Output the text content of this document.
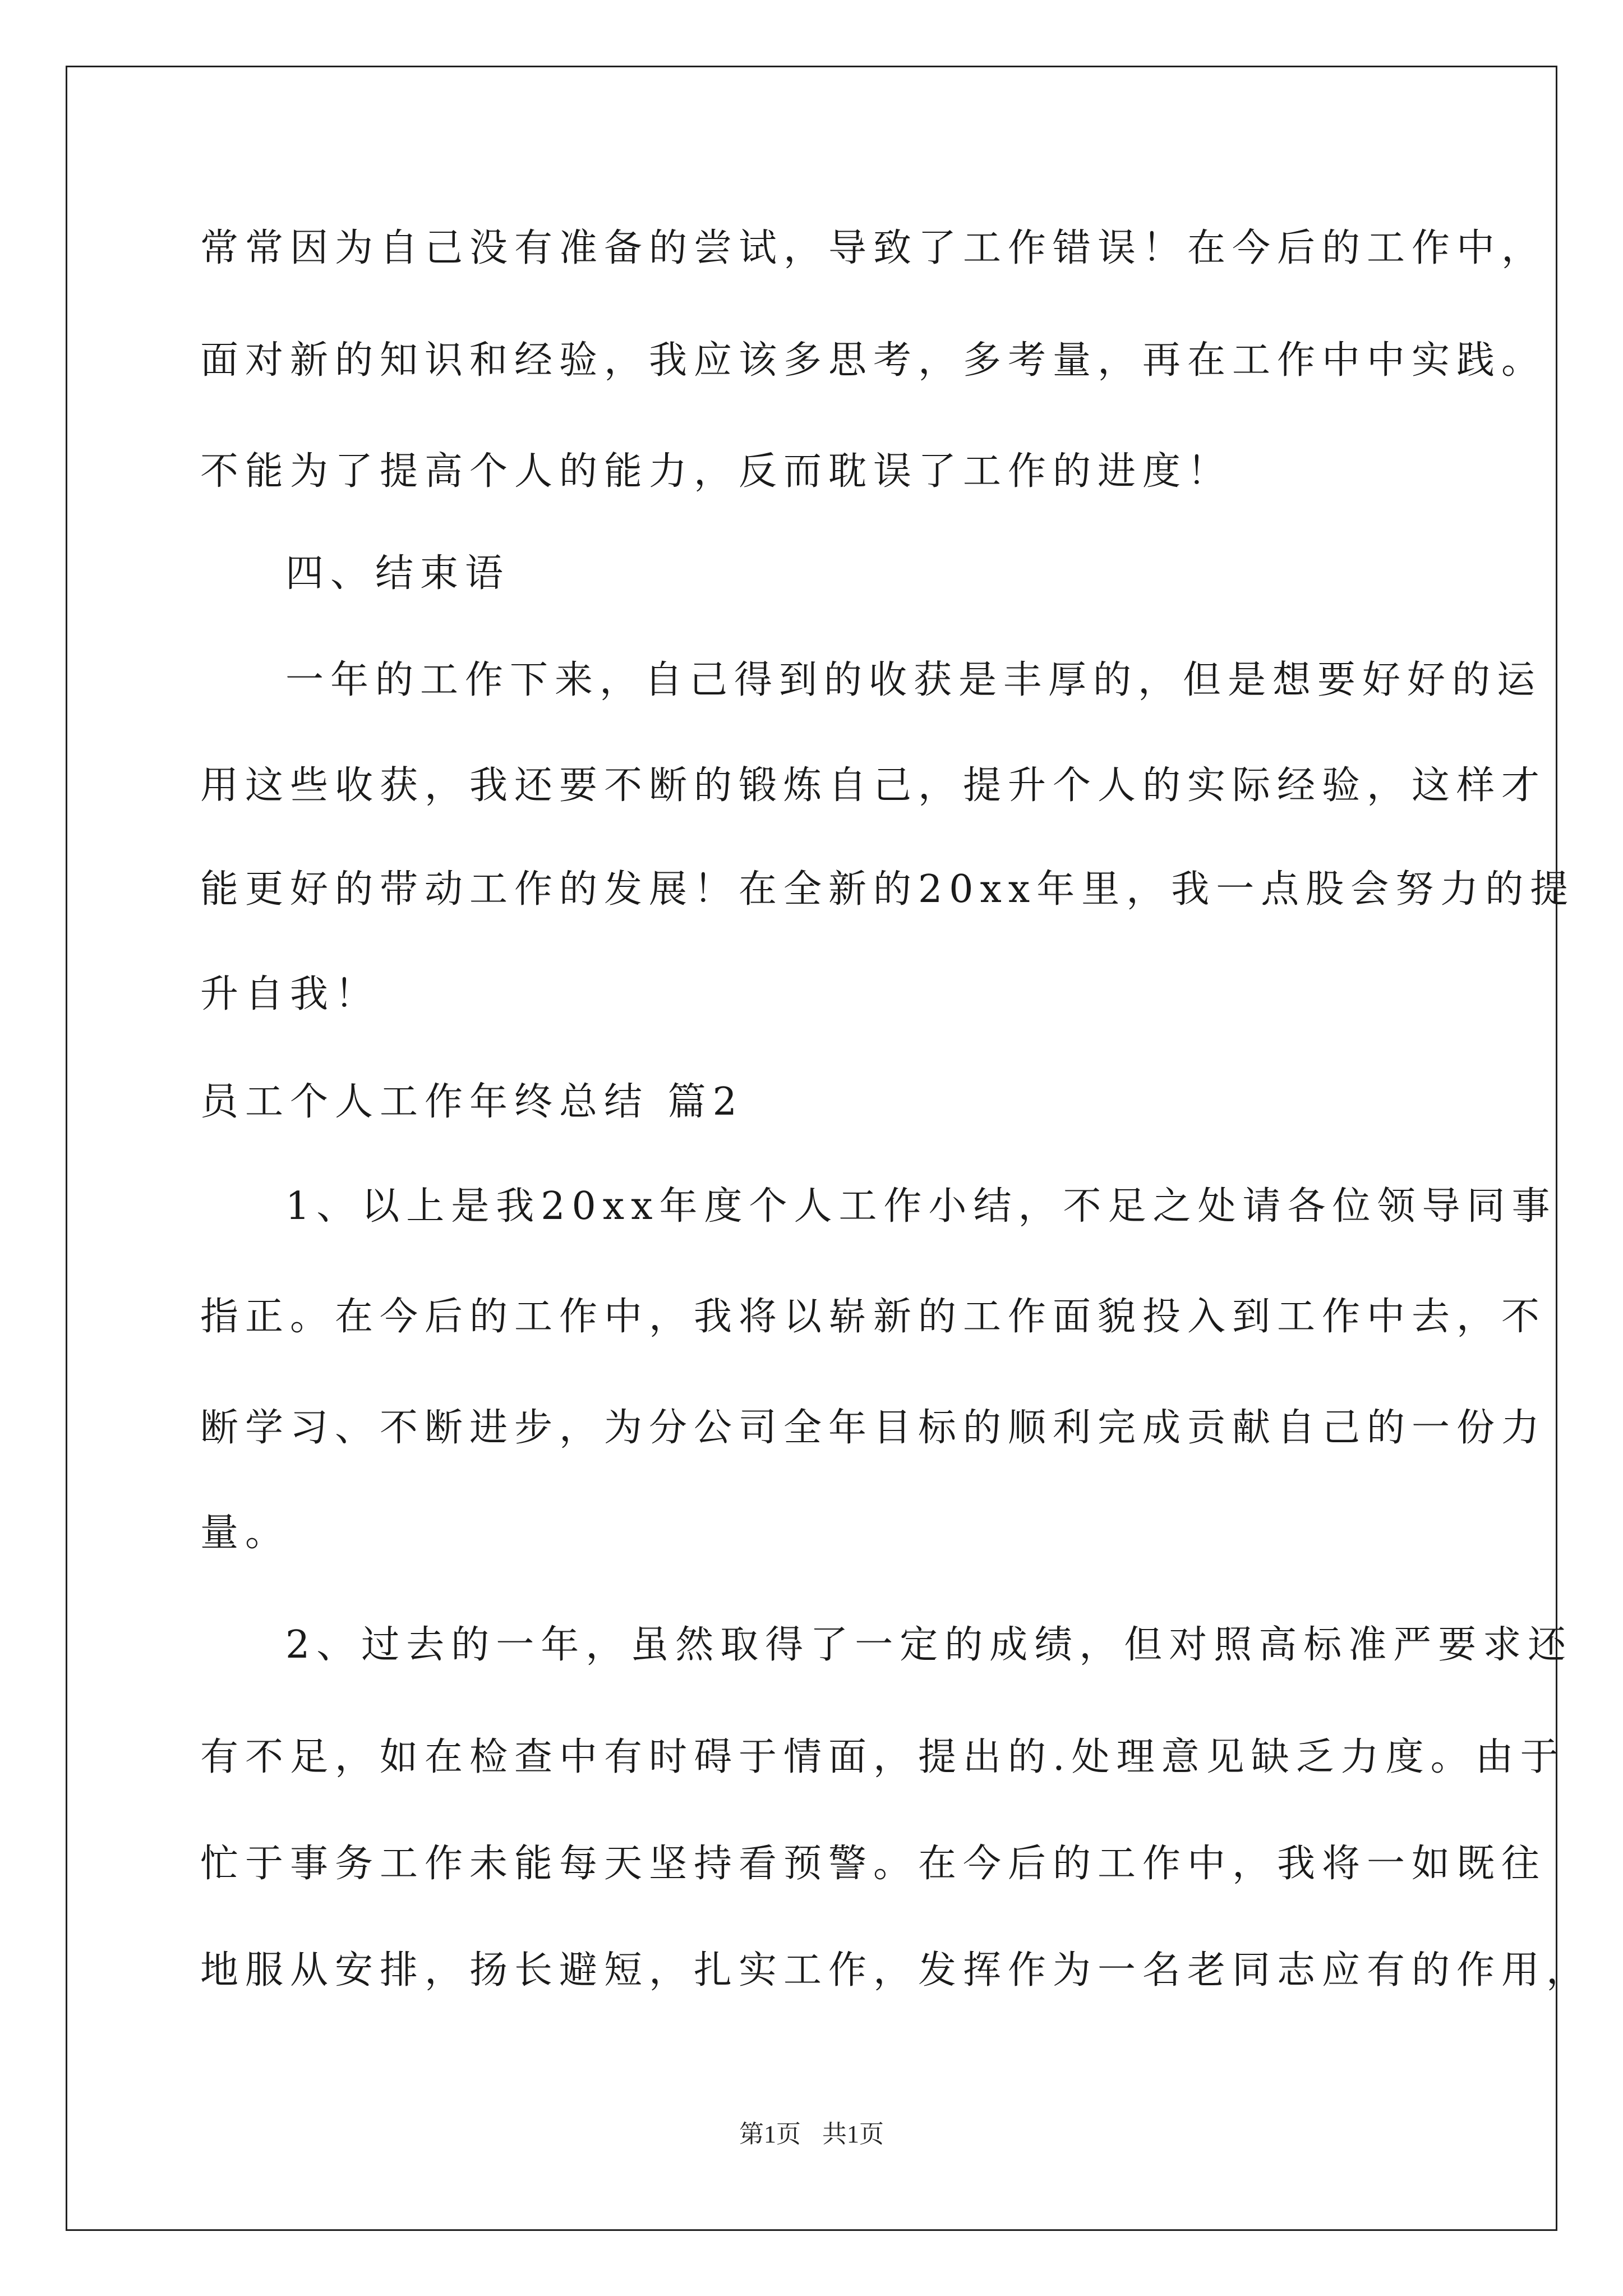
常常因为自己没有准备的尝试，导致了工作错误！在今后的工作中，
面对新的知识和经验，我应该多思考，多考量，再在工作中中实践。
不能为了提高个人的能力，反而耽误了工作的进度！
四、结束语
一年的工作下来，自己得到的收获是丰厚的，但是想要好好的运
用这些收获，我还要不断的锻炼自己，提升个人的实际经验，这样才
能更好的带动工作的发展！在全新的20xx年里，我一点股会努力的提
升自我！
员工个人工作年终总结 篇2
1、以上是我20xx年度个人工作小结，不足之处请各位领导同事
指正。在今后的工作中，我将以崭新的工作面貌投入到工作中去，不
断学习、不断进步，为分公司全年目标的顺利完成贡献自己的一份力
量。
2、过去的一年，虽然取得了一定的成绩，但对照高标准严要求还
有不足，如在检查中有时碍于情面，提出的.处理意见缺乏力度。由于
忙于事务工作未能每天坚持看预警。在今后的工作中，我将一如既往
地服从安排，扬长避短，扎实工作，发挥作为一名老同志应有的作用，
第1页 共1页
